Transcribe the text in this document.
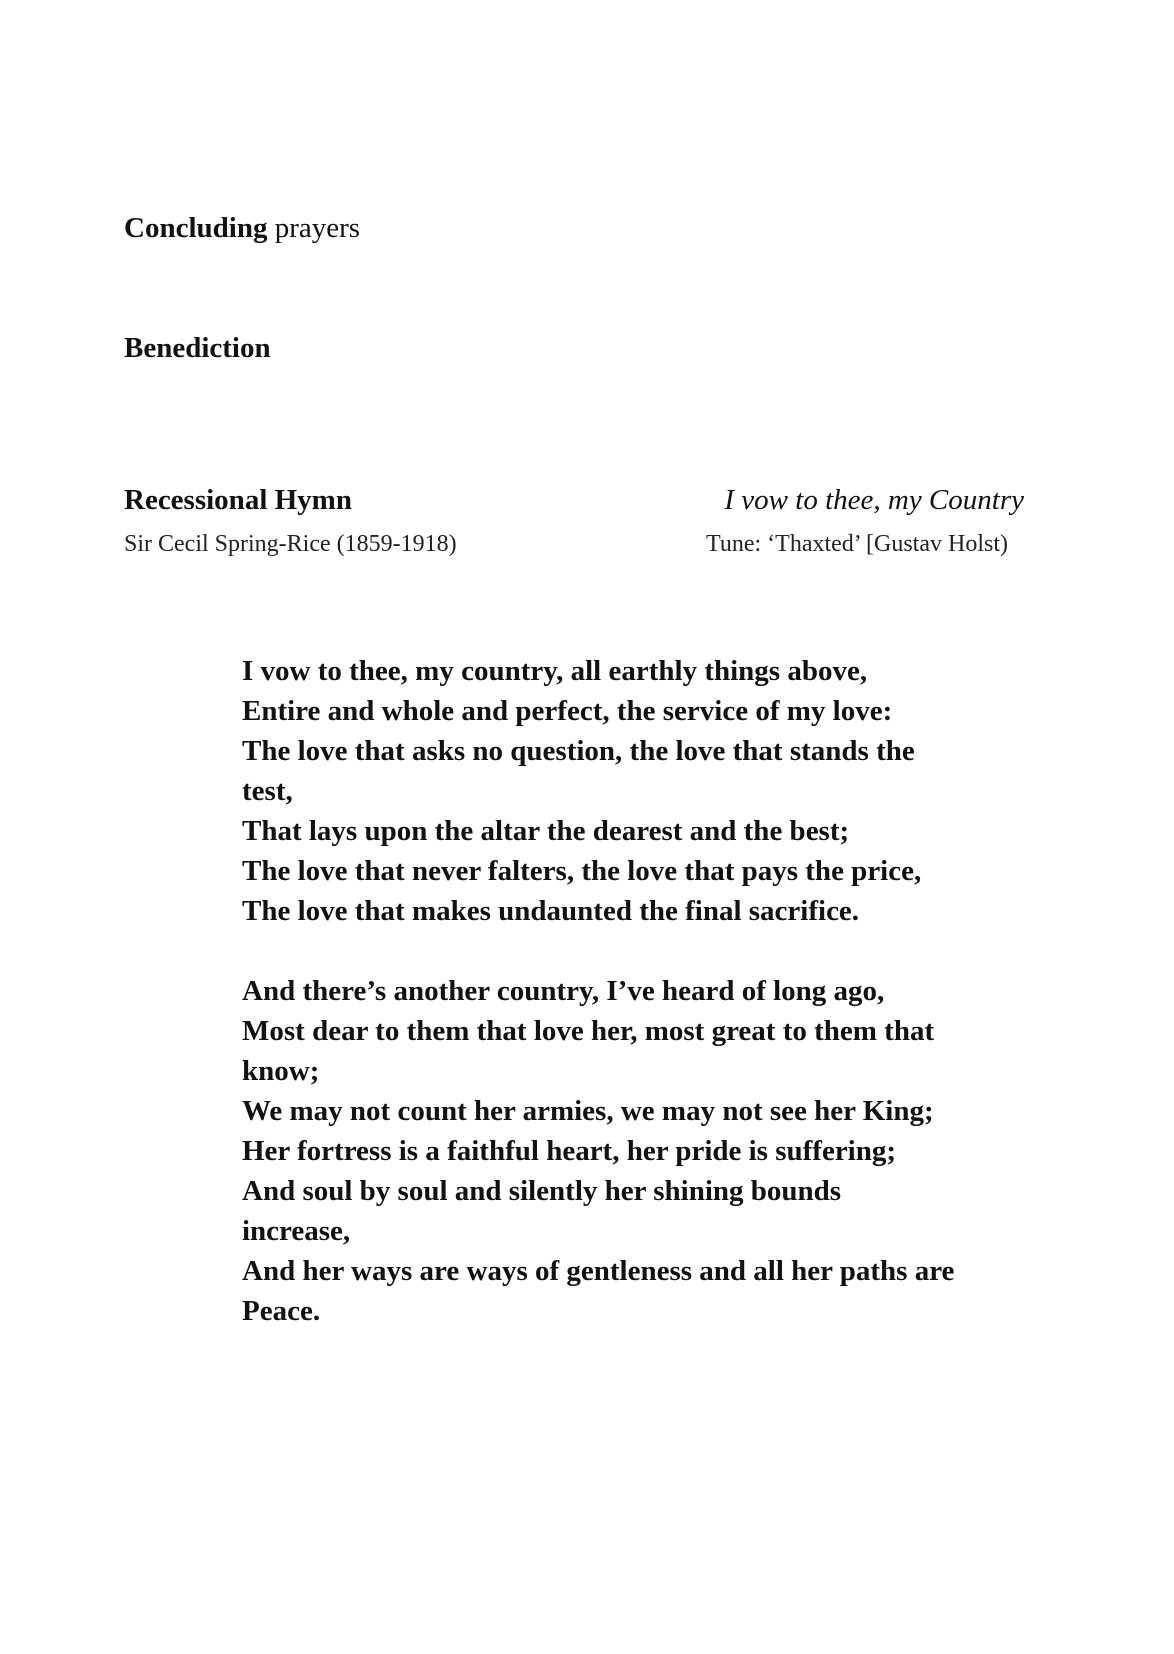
Concluding prayers
Benediction
Recessional Hymn	I vow to thee, my Country
Sir Cecil Spring-Rice (1859-1918)	Tune: ‘Thaxted’ [Gustav Holst)

I vow to thee, my country, all earthly things above,
Entire and whole and perfect, the service of my love:
The love that asks no question, the love that stands the
test,
That lays upon the altar the dearest and the best;
The love that never falters, the love that pays the price,
The love that makes undaunted the final sacrifice.

And there’s another country, I’ve heard of long ago,
Most dear to them that love her, most great to them that
know;
We may not count her armies, we may not see her King;
Her fortress is a faithful heart, her pride is suffering;
And soul by soul and silently her shining bounds
increase,
And her ways are ways of gentleness and all her paths are
Peace.
